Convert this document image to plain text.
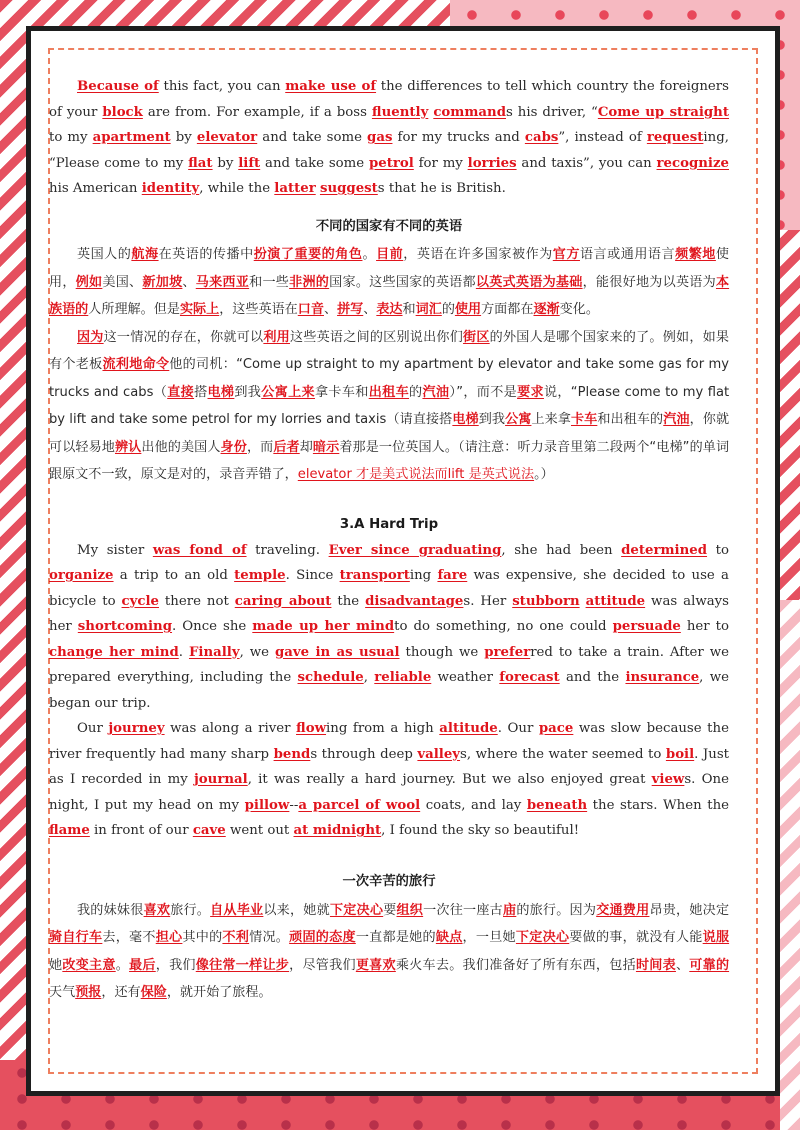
Because of this fact, you can make use of the differences to tell which country the foreigners of your block are from. For example, if a boss fluently commands his driver, “Come up straight to my apartment by elevator and take some gas for my trucks and cabs”, instead of requesting, “Please come to my flat by lift and take some petrol for my lorries and taxis”, you can recognize his American identity, while the latter suggests that he is British.

不同的国家有不同的英语

英国人的航海在英语的传播中扮演了重要的角色。目前，英语在许多国家被作为官方语言或通用语言频繁地使用，例如美国、新加坡、马来西亚和一些非洲的国家。这些国家的英语都以英式英语为基础，能很好地为以英语为本族语的人所理解。但是实际上，这些英语在口音、拼写、表达和词汇的使用方面都在逐渐变化。

因为这一情况的存在，你就可以利用这些英语之间的区别说出你们街区的外国人是哪个国家来的了。例如，如果有个老板流利地命令他的司机：“Come up straight to my apartment by elevator and take some gas for my trucks and cabs（直接搭电梯到我公寓上来拿卡车和出租车的汽油）”，而不是要求说，“Please come to my flat by lift and take some petrol for my lorries and taxis（请直接搭电梯到我公寓上来拿卡车和出租车的汽油，你就可以轻易地辨认出他的美国人身份，而后者却暗示着那是一位英国人。（请注意：听力录音里第二段两个“电梯”的单词跟原文不一致，原文是对的，录音弄错了，elevator 才是美式说法而lift 是英式说法。）

3.A Hard Trip

My sister was fond of traveling. Ever since graduating, she had been determined to organize a trip to an old temple. Since transporting fare was expensive, she decided to use a bicycle to cycle there not caring about the disadvantages. Her stubborn attitude was always her shortcoming. Once she made up her mindto do something, no one could persuade her to change her mind. Finally, we gave in as usual though we preferred to take a train. After we prepared everything, including the schedule, reliable weather forecast and the insurance, we began our trip.

Our journey was along a river flowing from a high altitude. Our pace was slow because the river frequently had many sharp bends through deep valleys, where the water seemed to boil. Just as I recorded in my journal, it was really a hard journey. But we also enjoyed great views. One night, I put my head on my pillow--a parcel of wool coats, and lay beneath the stars. When the flame in front of our cave went out at midnight, I found the sky so beautiful!

一次辛苦的旅行

我的妹妹很喜欢旅行。自从毕业以来，她就下定决心要组织一次往一座古庙的旅行。因为交通费用昂贵，她决定骑自行车去，毫不担心其中的不利情况。顽固的态度一直都是她的缺点，一旦她下定决心要做的事，就没有人能说服她改变主意。最后，我们像往常一样让步，尽管我们更喜欢乘火车去。我们准备好了所有东西，包括时间表、可靠的天气预报，还有保险，就开始了旅程。
